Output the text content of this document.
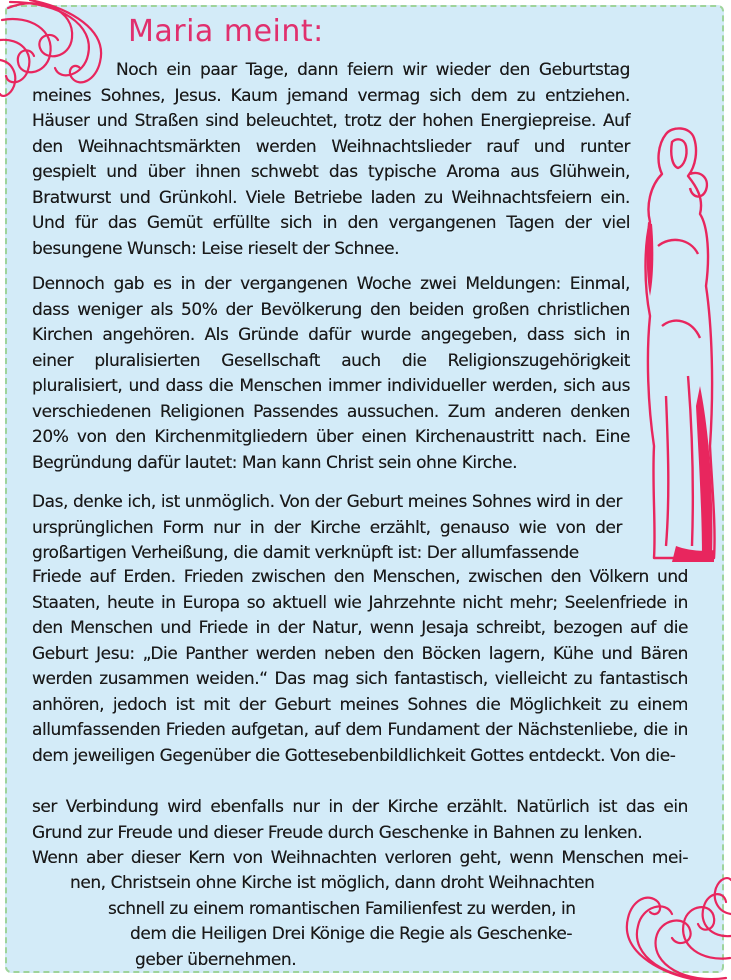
Maria meint:

Noch ein paar Tage, dann feiern wir wieder den Geburtstag meines Sohnes, Jesus. Kaum jemand vermag sich dem zu entziehen. Häuser und Straßen sind beleuchtet, trotz der hohen Energiepreise. Auf den Weihnachtsmärkten werden Weihnachtslieder rauf und runter gespielt und über ihnen schwebt das typische Aroma aus Glühwein, Bratwurst und Grünkohl. Viele Betriebe laden zu Weihnachtsfeiern ein. Und für das Gemüt erfüllte sich in den vergangenen Tagen der viel besungene Wunsch: Leise rieselt der Schnee.

Dennoch gab es in der vergangenen Woche zwei Meldungen: Einmal, dass weniger als 50% der Bevölkerung den beiden großen christlichen Kirchen angehören. Als Gründe dafür wurde angegeben, dass sich in einer pluralisierten Gesellschaft auch die Religionszugehörigkeit pluralisiert, und dass die Menschen immer individueller werden, sich aus verschiedenen Religionen Passendes aussuchen. Zum anderen denken 20% von den Kirchenmitgliedern über einen Kirchenaustritt nach. Eine Begründung dafür lautet: Man kann Christ sein ohne Kirche.

Das, denke ich, ist unmöglich. Von der Geburt meines Sohnes wird in der ursprünglichen Form nur in der Kirche erzählt, genauso wie von der großartigen Verheißung, die damit verknüpft ist: Der allumfassende

Friede auf Erden. Frieden zwischen den Menschen, zwischen den Völkern und Staaten, heute in Europa so aktuell wie Jahrzehnte nicht mehr; Seelenfriede in den Menschen und Friede in der Natur, wenn Jesaja schreibt, bezogen auf die Geburt Jesu: „Die Panther werden neben den Böcken lagern, Kühe und Bären werden zusammen weiden.“ Das mag sich fantastisch, vielleicht zu fantastisch anhören, jedoch ist mit der Geburt meines Sohnes die Möglichkeit zu einem allumfassenden Frieden aufgetan, auf dem Fundament der Nächstenliebe, die in dem jeweiligen Gegenüber die Gottesebenbildlichkeit Gottes entdeckt. Von die-

ser Verbindung wird ebenfalls nur in der Kirche erzählt. Natürlich ist das ein Grund zur Freude und dieser Freude durch Geschenke in Bahnen zu lenken.

Wenn aber dieser Kern von Weihnachten verloren geht, wenn Menschen mei-

nen, Christsein ohne Kirche ist möglich, dann droht Weihnachten

schnell zu einem romantischen Familienfest zu werden, in

dem die Heiligen Drei Könige die Regie als Geschenke-

geber übernehmen.
